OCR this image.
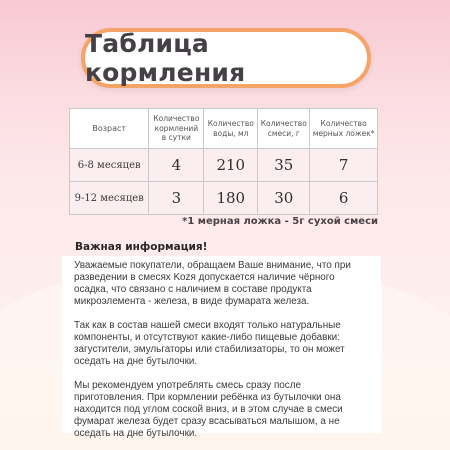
Таблица кормления
Возраст	Количество кормлений в сутки	Количество воды, мл	Количество смеси, г	Количество мерных ложек*
6-8 месяцев	4	210	35	7
9-12 месяцев	3	180	30	6
*1 мерная ложка - 5г сухой смеси
Важная информация!

Уважаемые покупатели, обращаем Ваше внимание, что при разведении в смесях Kozя допускается наличие чёрного осадка, что связано с наличием в составе продукта микроэлемента - железа, в виде фумарата железа.

Так как в состав нашей смеси входят только натуральные компоненты, и отсутствуют какие-либо пищевые добавки: загустители, эмульгаторы или стабилизаторы, то он может оседать на дне бутылочки.

Мы рекомендуем употреблять смесь сразу после приготовления. При кормлении ребёнка из бутылочки она находится под углом соской вниз, и в этом случае в смеси фумарат железа будет сразу всасываться малышом, а не оседать на дне бутылочки.
